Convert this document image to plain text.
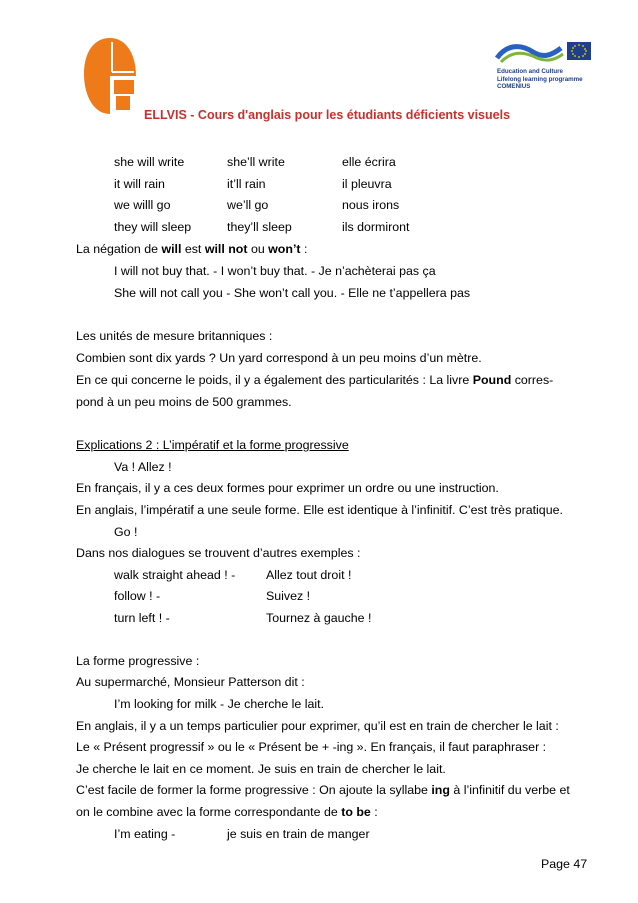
Education and Culture
Lifelong learning programme
COMENIUS
ELLVIS - Cours d'anglais pour les étudiants déficients visuels
she will write	she’ll write	elle écrira
it will rain	it’ll rain	il pleuvra
we willl go	we’ll go	nous irons
they will sleep	they’ll sleep	ils dormiront
La négation de will est will not ou won’t :
I will not buy that. - I won’t buy that. - Je n’achèterai pas ça
She will not call you - She won’t call you. - Elle ne t’appellera pas
Les unités de mesure britanniques :
Combien sont dix yards ? Un yard correspond à un peu moins d’un mètre.
En ce qui concerne le poids, il y a également des particularités : La livre Pound corres-
pond à un peu moins de 500 grammes.
Explications 2 : L’impératif et la forme progressive
Va ! Allez !
En français, il y a ces deux formes pour exprimer un ordre ou une instruction.
En anglais, l’impératif a une seule forme. Elle est identique à l’infinitif. C’est très pratique.
Go !
Dans nos dialogues se trouvent d’autres exemples :
walk straight ahead ! - Allez tout droit !
follow ! -	Suivez !
turn left ! -	Tournez à gauche !
La forme progressive :
Au supermarché, Monsieur Patterson dit :
I’m looking for milk - Je cherche le lait.
En anglais, il y a un temps particulier pour exprimer, qu’il est en train de chercher le lait :
Le « Présent progressif » ou le « Présent be + -ing ». En français, il faut paraphraser :
Je cherche le lait en ce moment. Je suis en train de chercher le lait.
C’est facile de former la forme progressive : On ajoute la syllabe ing à l’infinitif du verbe et
on le combine avec la forme correspondante de to be :
I’m eating -	je suis en train de manger
Page 47
